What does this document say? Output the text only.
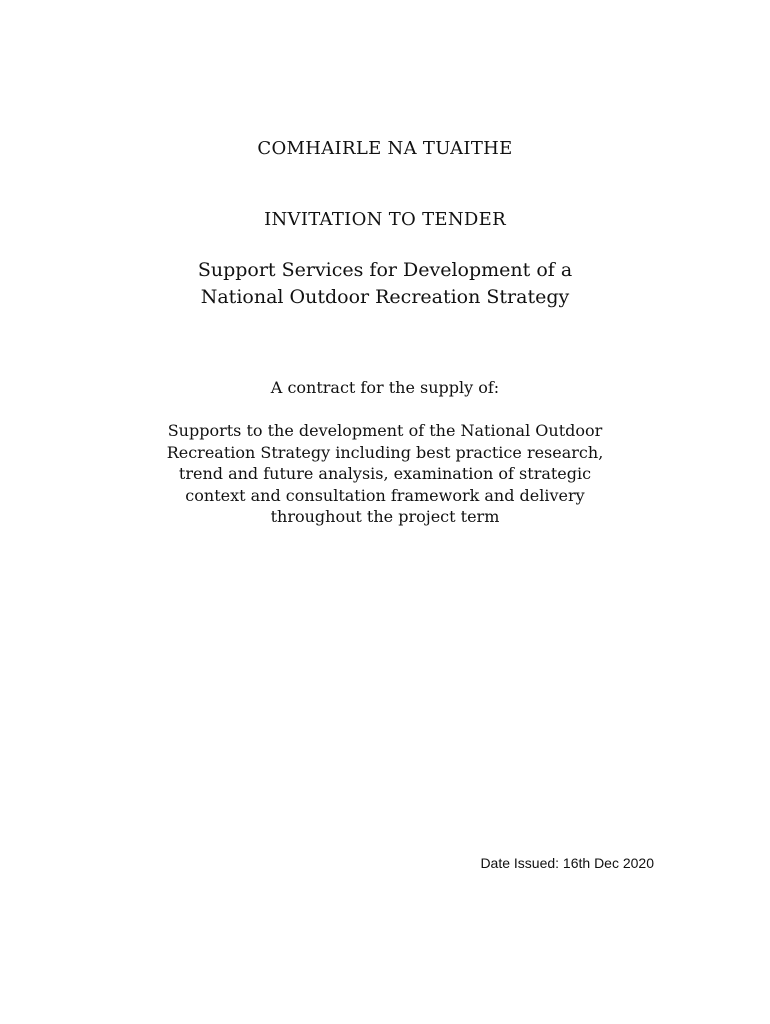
COMHAIRLE NA TUAITHE
INVITATION TO TENDER
Support Services for Development of a
National Outdoor Recreation Strategy
A contract for the supply of:
Supports to the development of the National Outdoor
Recreation Strategy including best practice research,
trend and future analysis, examination of strategic
context and consultation framework and delivery
throughout the project term
Date Issued: 16th Dec 2020
